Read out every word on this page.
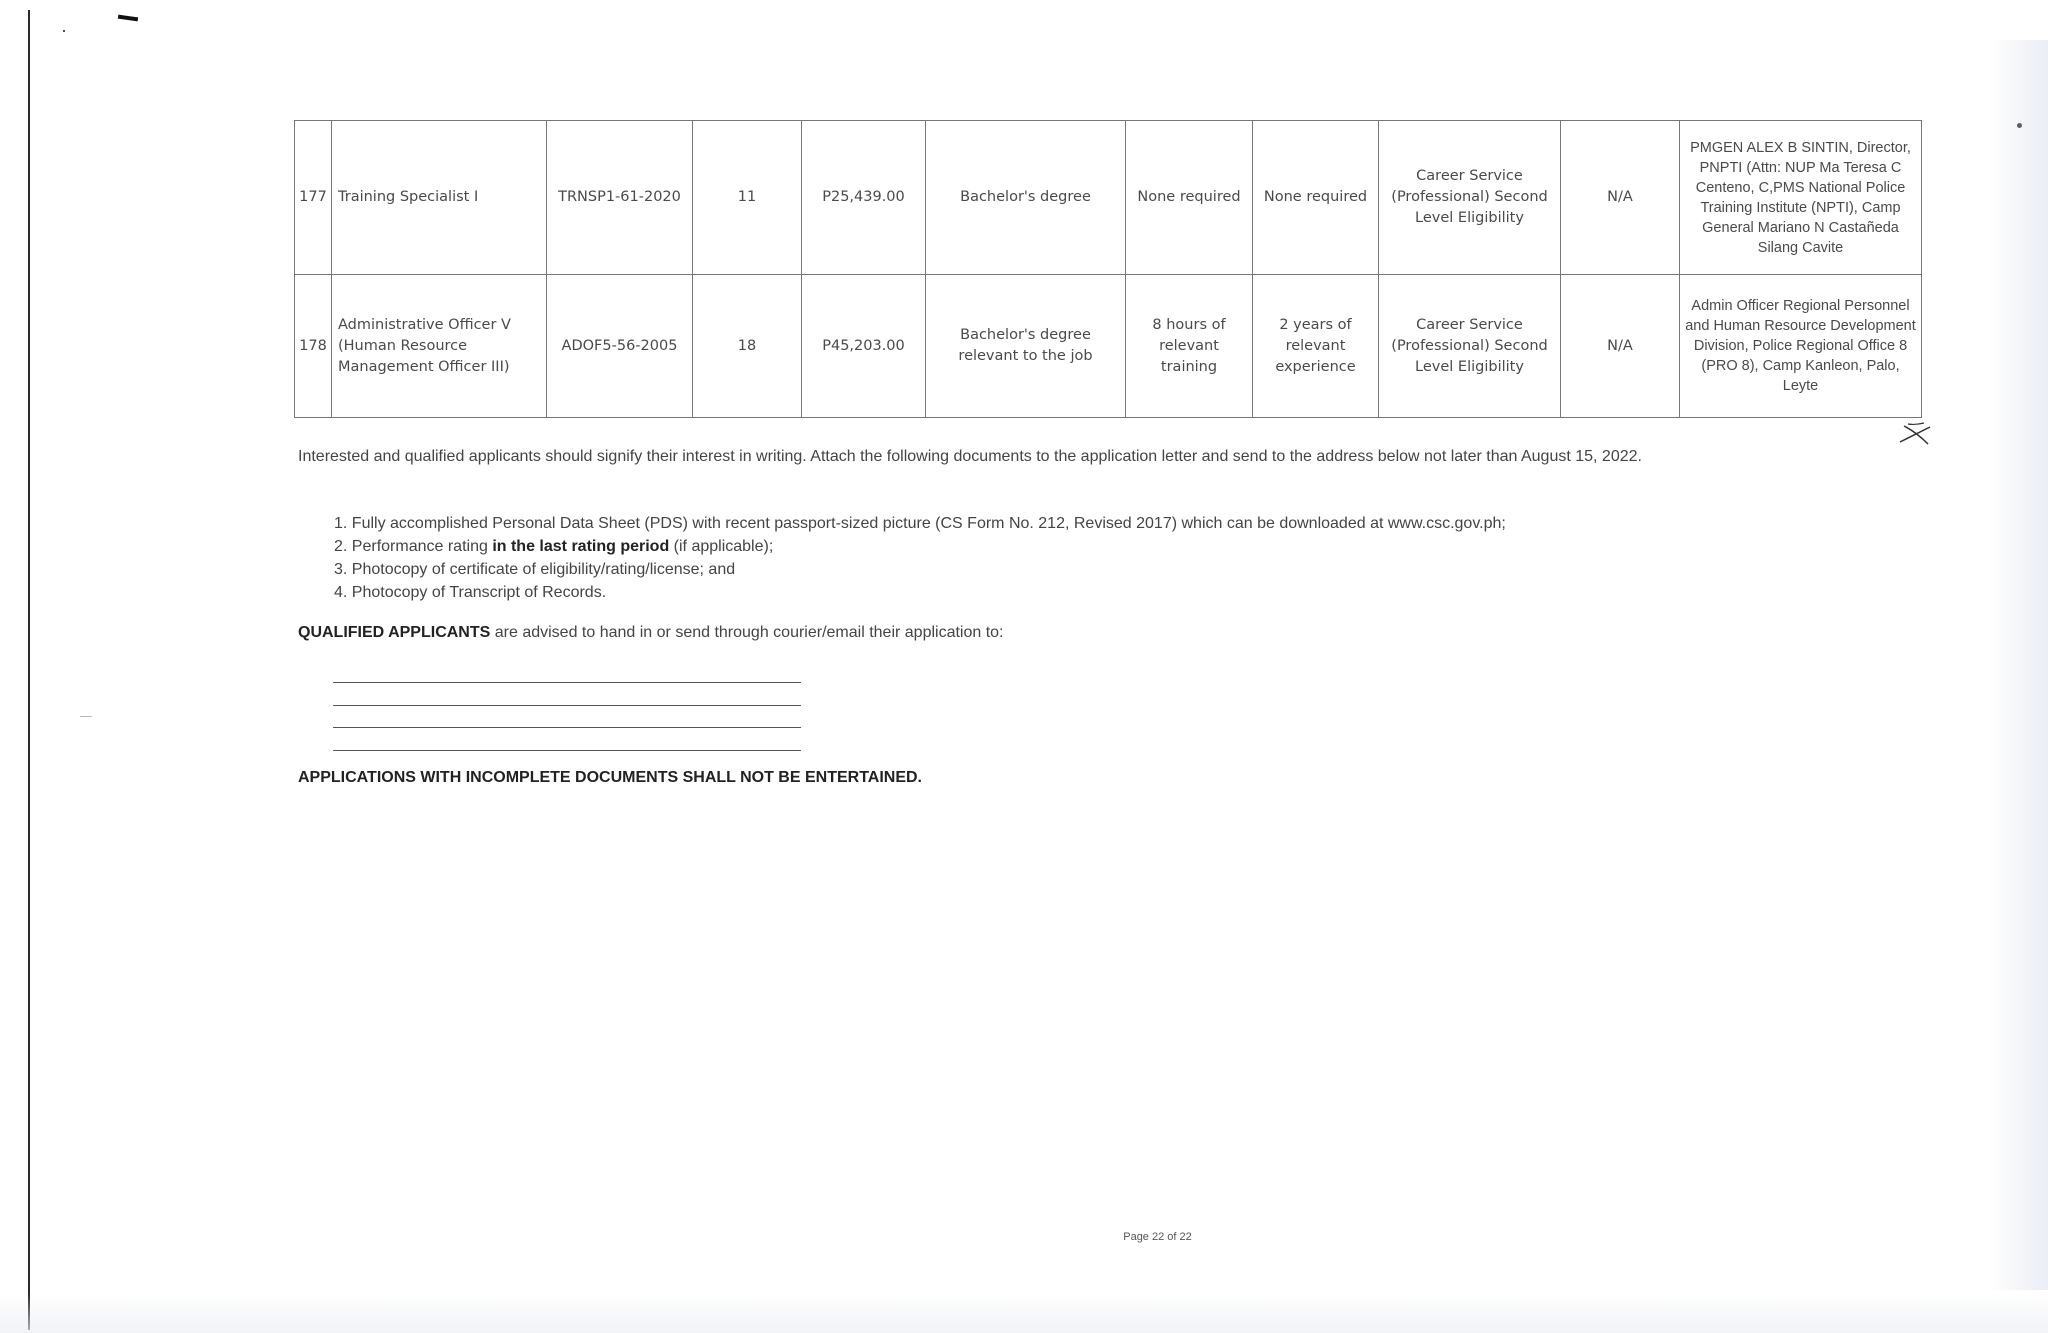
177	Training Specialist I	TRNSP1-61-2020	11	P25,439.00	Bachelor's degree	None required	None required	Career Service (Professional) Second Level Eligibility	N/A	PMGEN ALEX B SINTIN, Director, PNPTI (Attn: NUP Ma Teresa C Centeno, C,PMS National Police Training Institute (NPTI), Camp General Mariano N Castañeda Silang Cavite
178	Administrative Officer V (Human Resource Management Officer III)	ADOF5-56-2005	18	P45,203.00	Bachelor's degree relevant to the job	8 hours of relevant training	2 years of relevant experience	Career Service (Professional) Second Level Eligibility	N/A	Admin Officer Regional Personnel and Human Resource Development Division, Police Regional Office 8 (PRO 8), Camp Kanleon, Palo, Leyte
Interested and qualified applicants should signify their interest in writing. Attach the following documents to the application letter and send to the address below not later than August 15, 2022.
1. Fully accomplished Personal Data Sheet (PDS) with recent passport-sized picture (CS Form No. 212, Revised 2017) which can be downloaded at www.csc.gov.ph;
2. Performance rating in the last rating period (if applicable);
3. Photocopy of certificate of eligibility/rating/license; and
4. Photocopy of Transcript of Records.
QUALIFIED APPLICANTS are advised to hand in or send through courier/email their application to:
APPLICATIONS WITH INCOMPLETE DOCUMENTS SHALL NOT BE ENTERTAINED.
Page 22 of 22
